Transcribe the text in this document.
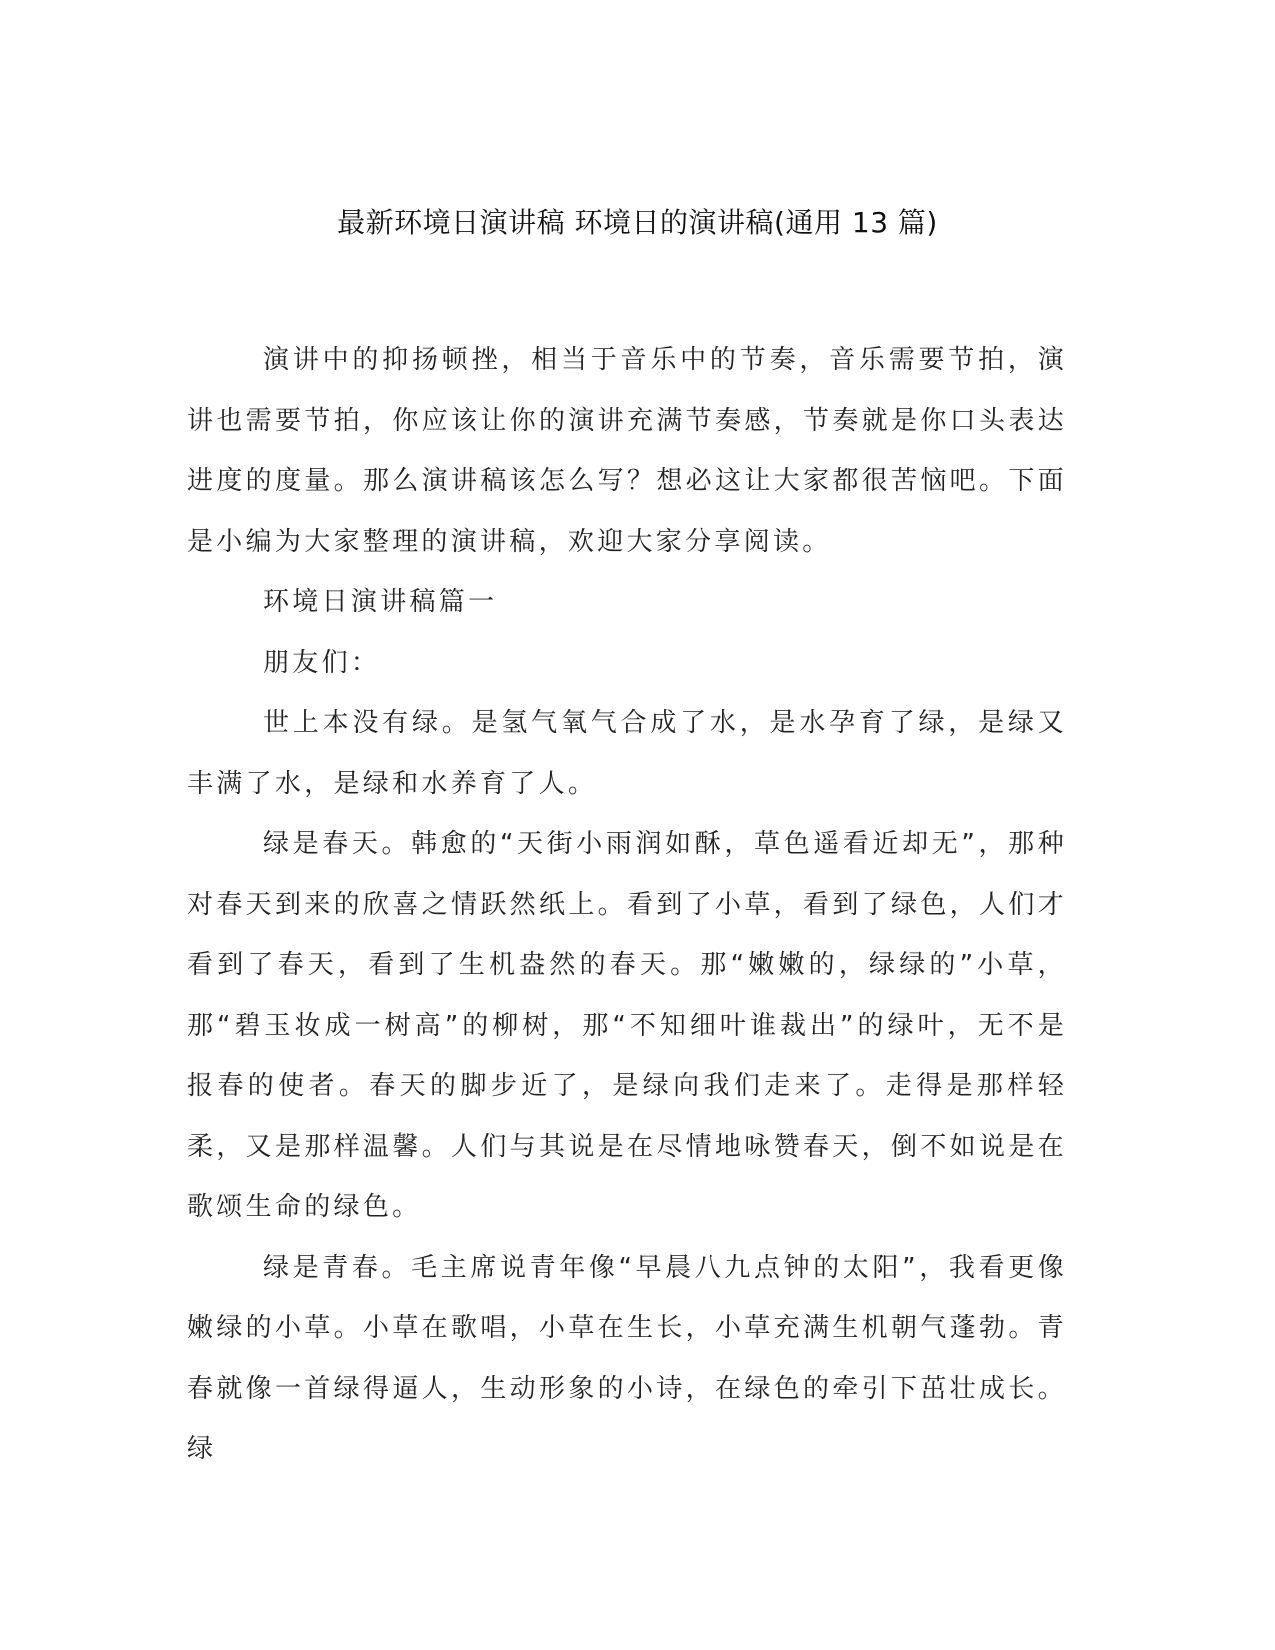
最新环境日演讲稿 环境日的演讲稿(通用 13 篇)

演讲中的抑扬顿挫，相当于音乐中的节奏，音乐需要节拍，演讲也需要节拍，你应该让你的演讲充满节奏感，节奏就是你口头表达进度的度量。那么演讲稿该怎么写？想必这让大家都很苦恼吧。下面是小编为大家整理的演讲稿，欢迎大家分享阅读。

环境日演讲稿篇一

朋友们：

世上本没有绿。是氢气氧气合成了水，是水孕育了绿，是绿又丰满了水，是绿和水养育了人。

绿是春天。韩愈的“天街小雨润如酥，草色遥看近却无”，那种对春天到来的欣喜之情跃然纸上。看到了小草，看到了绿色，人们才看到了春天，看到了生机盎然的春天。那“嫩嫩的，绿绿的”小草，那“碧玉妆成一树高”的柳树，那“不知细叶谁裁出”的绿叶，无不是报春的使者。春天的脚步近了，是绿向我们走来了。走得是那样轻柔，又是那样温馨。人们与其说是在尽情地咏赞春天，倒不如说是在歌颂生命的绿色。

绿是青春。毛主席说青年像“早晨八九点钟的太阳”，我看更像嫩绿的小草。小草在歌唱，小草在生长，小草充满生机朝气蓬勃。青春就像一首绿得逼人，生动形象的小诗，在绿色的牵引下茁壮成长。绿
